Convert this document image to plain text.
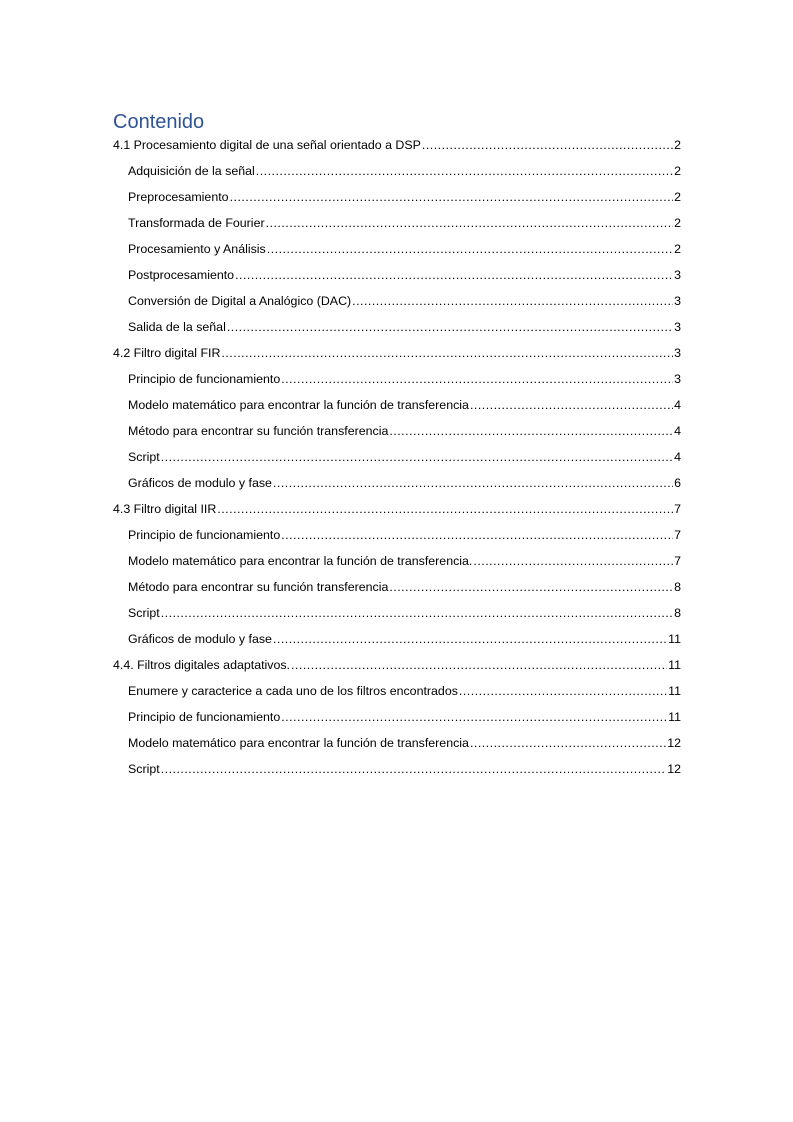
Contenido
4.1 Procesamiento digital de una señal orientado a DSP .....	2
Adquisición de la señal .....	2
Preprocesamiento .....	2
Transformada de Fourier .....	2
Procesamiento y Análisis .....	2
Postprocesamiento .....	3
Conversión de Digital a Analógico (DAC) .....	3
Salida de la señal .....	3
4.2 Filtro digital FIR .....	3
Principio de funcionamiento .....	3
Modelo matemático para encontrar la función de transferencia .....	4
Método para encontrar su función transferencia .....	4
Script .....	4
Gráficos de modulo y fase .....	6
4.3 Filtro digital IIR .....	7
Principio de funcionamiento .....	7
Modelo matemático para encontrar la función de transferencia. .....	7
Método para encontrar su función transferencia .....	8
Script .....	8
Gráficos de modulo y fase .....	11
4.4. Filtros digitales adaptativos. .....	11
Enumere y caracterice a cada uno de los filtros encontrados .....	11
Principio de funcionamiento .....	11
Modelo matemático para encontrar la función de transferencia .....	12
Script .....	12
